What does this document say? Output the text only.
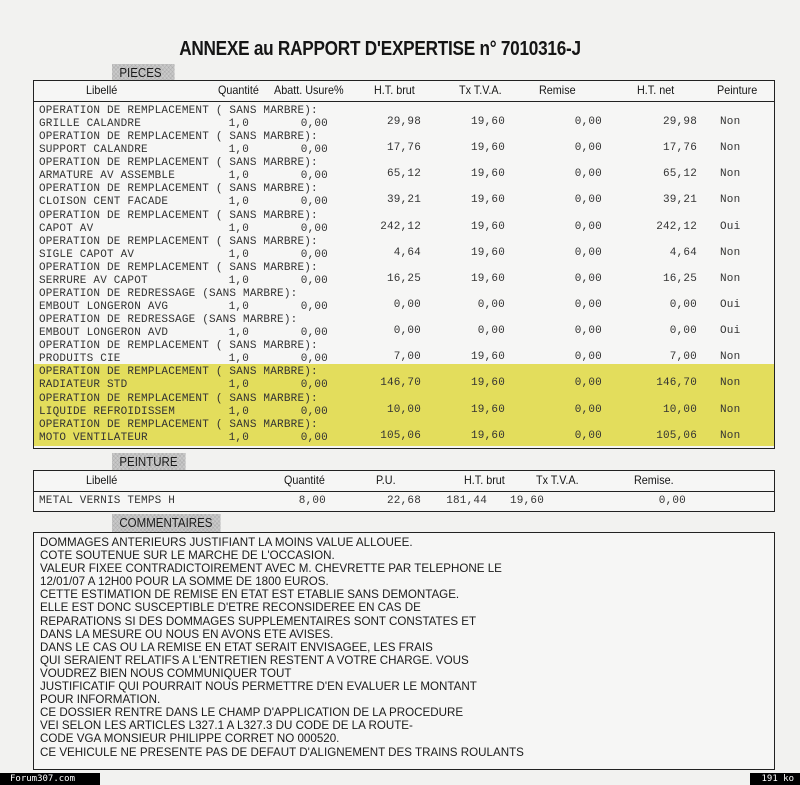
ANNEXE au RAPPORT D'EXPERTISE n° 7010316-J
PIECES
Libellé	Quantité Abatt. Usure%	H.T. brut	Tx T.V.A.	Remise	H.T. net	Peinture
OPERATION DE REMPLACEMENT ( SANS MARBRE):
GRILLE CALANDRE	1,0	0,00	29,98	19,60	0,00	29,98 Non
OPERATION DE REMPLACEMENT ( SANS MARBRE):
SUPPORT CALANDRE	1,0	0,00	17,76	19,60	0,00	17,76 Non
OPERATION DE REMPLACEMENT ( SANS MARBRE):
ARMATURE AV ASSEMBLE	1,0	0,00	65,12	19,60	0,00	65,12 Non
OPERATION DE REMPLACEMENT ( SANS MARBRE):
CLOISON CENT FACADE	1,0	0,00	39,21	19,60	0,00	39,21 Non
OPERATION DE REMPLACEMENT ( SANS MARBRE):
CAPOT AV	1,0	0,00	242,12	19,60	0,00	242,12 Oui
OPERATION DE REMPLACEMENT ( SANS MARBRE):
SIGLE CAPOT AV	1,0	0,00	4,64	19,60	0,00	4,64 Non
OPERATION DE REMPLACEMENT ( SANS MARBRE):
SERRURE AV CAPOT	1,0	0,00	16,25	19,60	0,00	16,25 Non
OPERATION DE REDRESSAGE (SANS MARBRE):
EMBOUT LONGERON AVG	1,0	0,00	0,00	0,00	0,00	0,00 Oui
OPERATION DE REDRESSAGE (SANS MARBRE):
EMBOUT LONGERON AVD	1,0	0,00	0,00	0,00	0,00	0,00 Oui
OPERATION DE REMPLACEMENT ( SANS MARBRE):
PRODUITS CIE	1,0	0,00	7,00	19,60	0,00	7,00 Non
OPERATION DE REMPLACEMENT ( SANS MARBRE):
RADIATEUR STD	1,0	0,00	146,70	19,60	0,00	146,70 Non
OPERATION DE REMPLACEMENT ( SANS MARBRE):
LIQUIDE REFROIDISSEM	1,0	0,00	10,00	19,60	0,00	10,00 Non
OPERATION DE REMPLACEMENT ( SANS MARBRE):
MOTO VENTILATEUR	1,0	0,00	105,06	19,60	0,00	105,06 Non
PEINTURE
Libellé	Quantité	P.U.	H.T. brut	Tx T.V.A.	Remise.
METAL VERNIS TEMPS H	8,00	22,68	181,44	19,60	0,00
COMMENTAIRES
DOMMAGES ANTERIEURS JUSTIFIANT LA MOINS VALUE ALLOUEE.
COTE SOUTENUE SUR LE MARCHE DE L'OCCASION.
VALEUR FIXEE CONTRADICTOIREMENT AVEC M. CHEVRETTE PAR TELEPHONE LE
12/01/07 A 12H00 POUR LA SOMME DE 1800 EUROS.
CETTE ESTIMATION DE REMISE EN ETAT EST ETABLIE SANS DEMONTAGE.
ELLE EST DONC SUSCEPTIBLE D'ETRE RECONSIDEREE EN CAS DE
REPARATIONS SI DES DOMMAGES SUPPLEMENTAIRES SONT CONSTATES ET
DANS LA MESURE OU NOUS EN AVONS ETE AVISES.
DANS LE CAS OU LA REMISE EN ETAT SERAIT ENVISAGEE, LES FRAIS
QUI SERAIENT RELATIFS A L'ENTRETIEN RESTENT A VOTRE CHARGE. VOUS
VOUDREZ BIEN NOUS COMMUNIQUER TOUT
JUSTIFICATIF QUI POURRAIT NOUS PERMETTRE D'EN EVALUER LE MONTANT
POUR INFORMATION.
CE DOSSIER RENTRE DANS LE CHAMP D'APPLICATION DE LA PROCEDURE
VEI SELON LES ARTICLES L327.1 A L327.3 DU CODE DE LA ROUTE-
CODE VGA MONSIEUR PHILIPPE CORRET NO 000520.
CE VEHICULE NE PRESENTE PAS DE DEFAUT D'ALIGNEMENT DES TRAINS ROULANTS
Forum307.com	191 ko
